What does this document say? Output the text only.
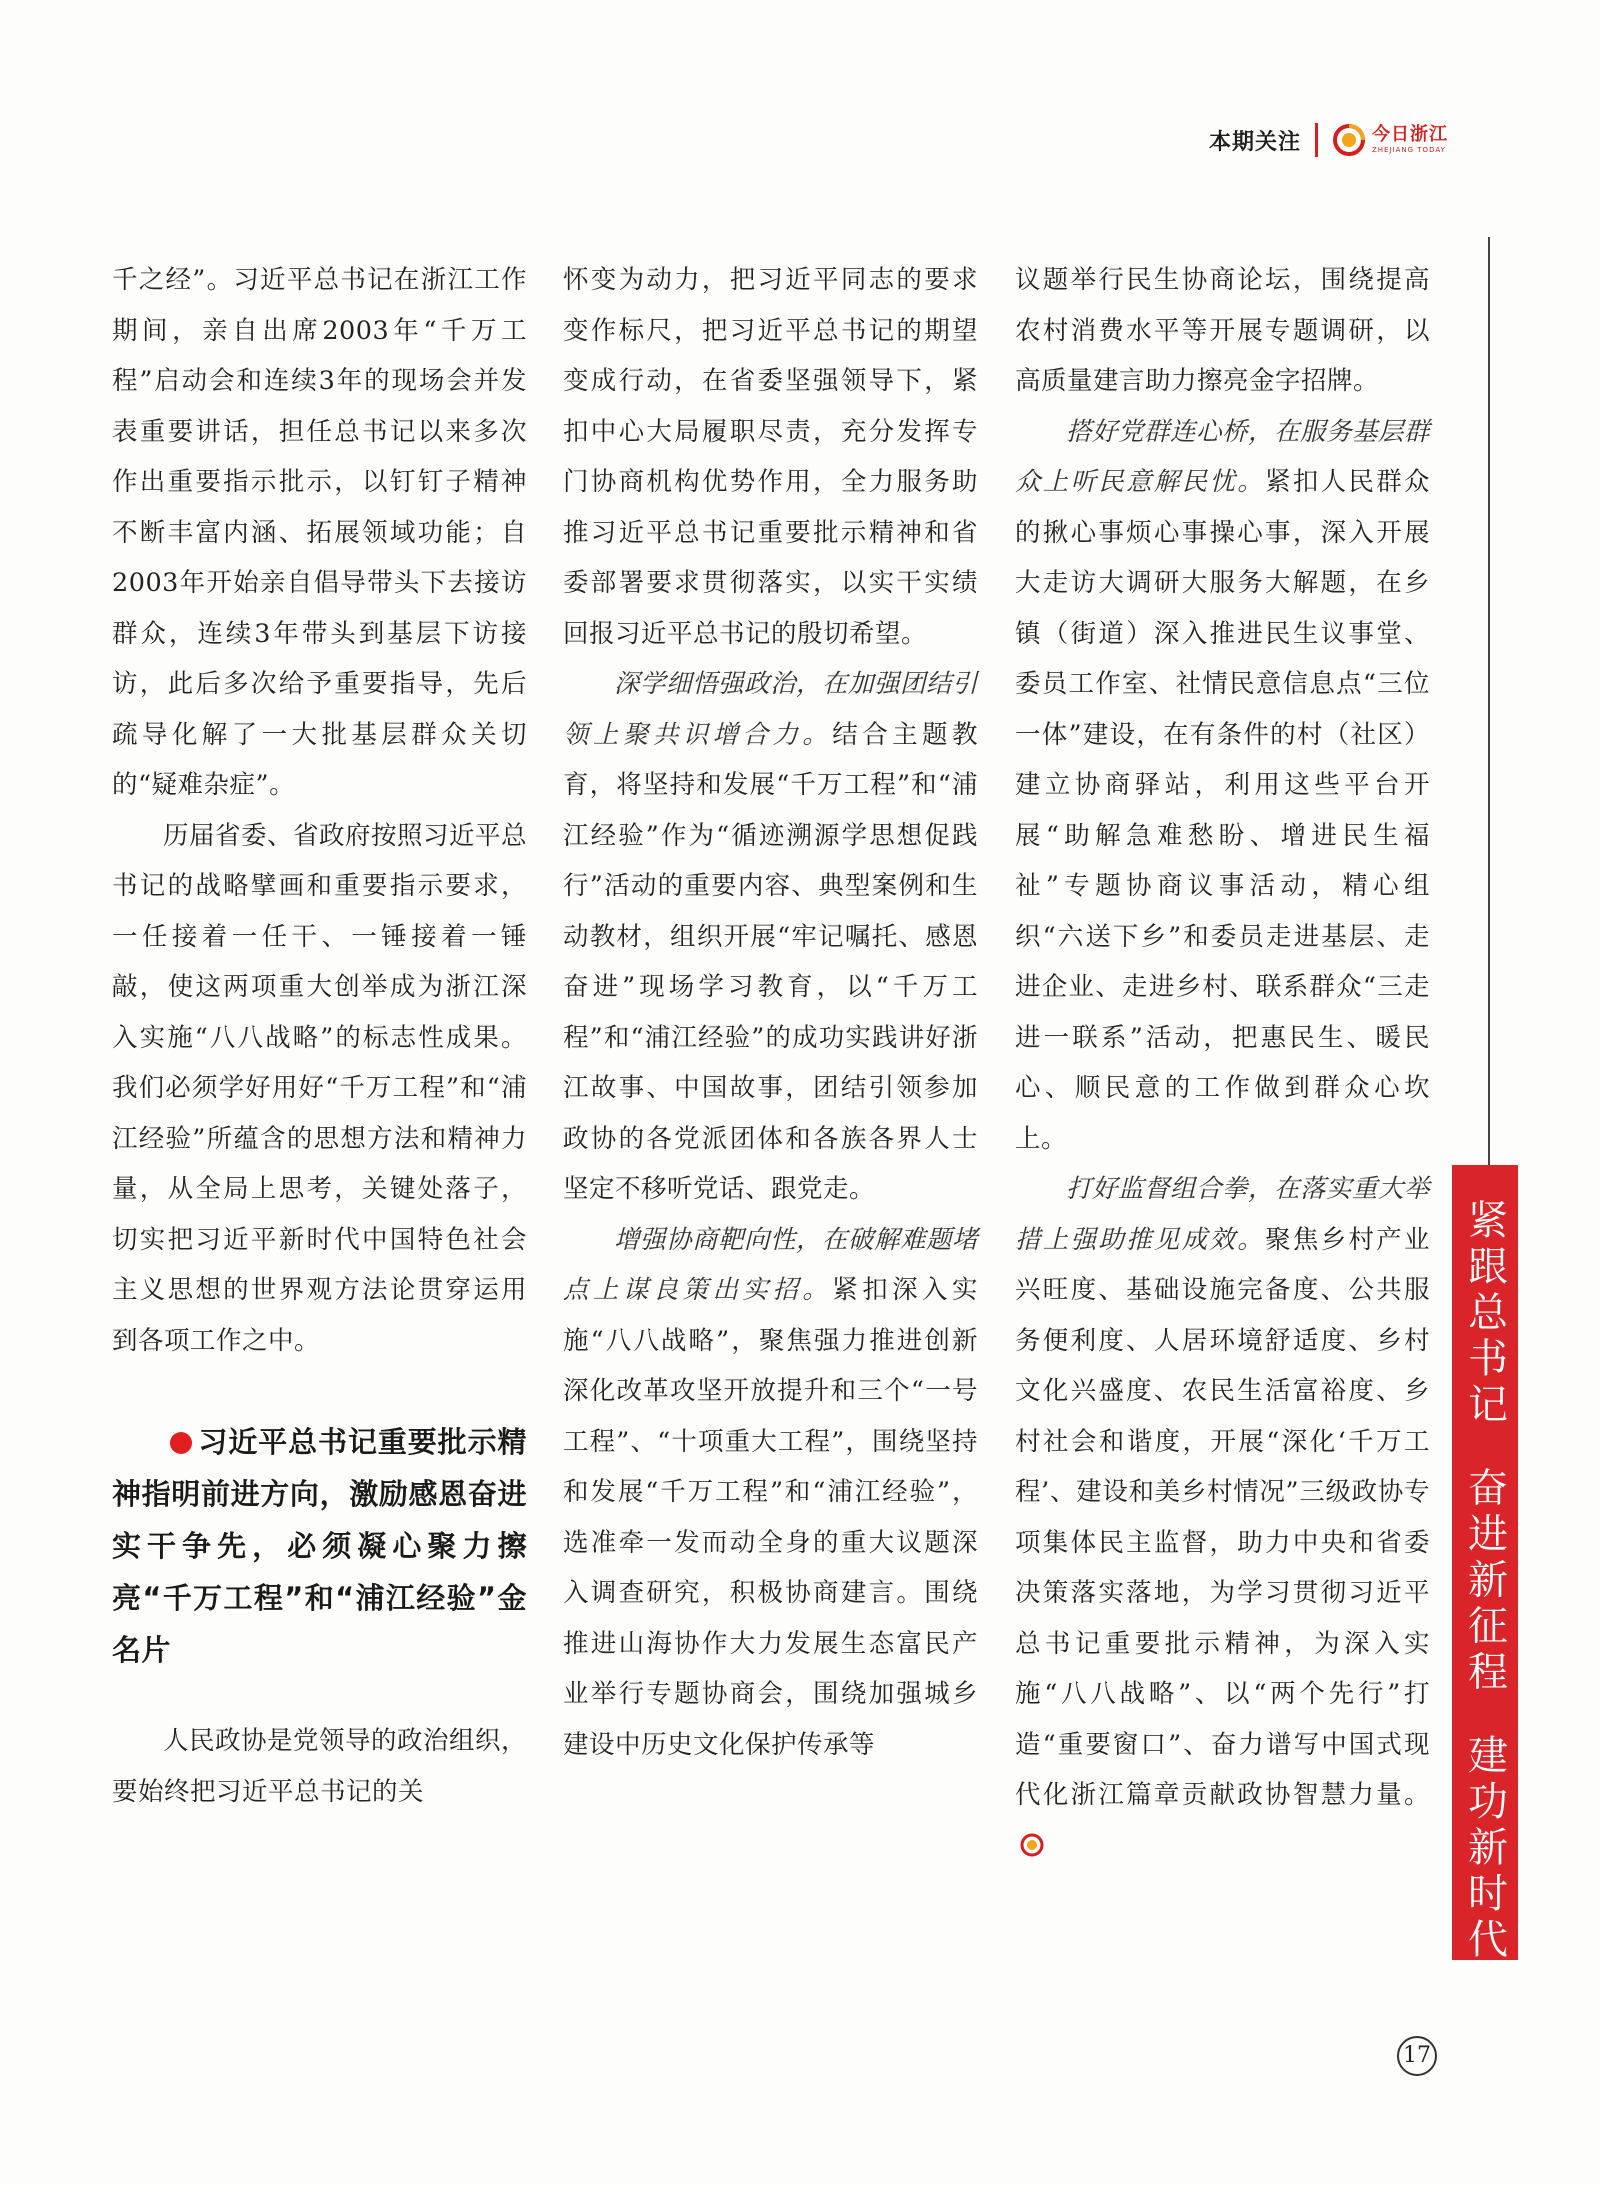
本期关注	今日浙江
ZHEJIANG TODAY

千之经”。习近平总书记在浙江工作期间，亲自出席2003年“千万工程”启动会和连续3年的现场会并发表重要讲话，担任总书记以来多次作出重要指示批示，以钉钉子精神不断丰富内涵、拓展领域功能；自2003年开始亲自倡导带头下去接访群众，连续3年带头到基层下访接访，此后多次给予重要指导，先后疏导化解了一大批基层群众关切的“疑难杂症”。

历届省委、省政府按照习近平总书记的战略擘画和重要指示要求，一任接着一任干、一锤接着一锤敲，使这两项重大创举成为浙江深入实施“八八战略”的标志性成果。我们必须学好用好“千万工程”和“浦江经验”所蕴含的思想方法和精神力量，从全局上思考，关键处落子，切实把习近平新时代中国特色社会主义思想的世界观方法论贯穿运用到各项工作之中。

习近平总书记重要批示精神指明前进方向，激励感恩奋进实干争先，必须凝心聚力擦亮“千万工程”和“浦江经验”金名片

人民政协是党领导的政治组织，要始终把习近平总书记的关

怀变为动力，把习近平同志的要求变作标尺，把习近平总书记的期望变成行动，在省委坚强领导下，紧扣中心大局履职尽责，充分发挥专门协商机构优势作用，全力服务助推习近平总书记重要批示精神和省委部署要求贯彻落实，以实干实绩回报习近平总书记的殷切希望。

深学细悟强政治，在加强团结引领上聚共识增合力。结合主题教育，将坚持和发展“千万工程”和“浦江经验”作为“循迹溯源学思想促践行”活动的重要内容、典型案例和生动教材，组织开展“牢记嘱托、感恩奋进”现场学习教育，以“千万工程”和“浦江经验”的成功实践讲好浙江故事、中国故事，团结引领参加政协的各党派团体和各族各界人士坚定不移听党话、跟党走。

增强协商靶向性，在破解难题堵点上谋良策出实招。紧扣深入实施“八八战略”，聚焦强力推进创新深化改革攻坚开放提升和三个“一号工程”、“十项重大工程”，围绕坚持和发展“千万工程”和“浦江经验”，选准牵一发而动全身的重大议题深入调查研究，积极协商建言。围绕推进山海协作大力发展生态富民产业举行专题协商会，围绕加强城乡建设中历史文化保护传承等

议题举行民生协商论坛，围绕提高农村消费水平等开展专题调研，以高质量建言助力擦亮金字招牌。

搭好党群连心桥，在服务基层群众上听民意解民忧。紧扣人民群众的揪心事烦心事操心事，深入开展大走访大调研大服务大解题，在乡镇（街道）深入推进民生议事堂、委员工作室、社情民意信息点“三位一体”建设，在有条件的村（社区）建立协商驿站，利用这些平台开展“助解急难愁盼、增进民生福祉”专题协商议事活动，精心组织“六送下乡”和委员走进基层、走进企业、走进乡村、联系群众“三走进一联系”活动，把惠民生、暖民心、顺民意的工作做到群众心坎上。

打好监督组合拳，在落实重大举措上强助推见成效。聚焦乡村产业兴旺度、基础设施完备度、公共服务便利度、人居环境舒适度、乡村文化兴盛度、农民生活富裕度、乡村社会和谐度，开展“深化‘千万工程’、建设和美乡村情况”三级政协专项集体民主监督，助力中央和省委决策落实落地，为学习贯彻习近平总书记重要批示精神，为深入实施“八八战略”、以“两个先行”打造“重要窗口”、奋力谱写中国式现代化浙江篇章贡献政协智慧力量。 紧跟总书记  奋进新征程  建功新时代
17
